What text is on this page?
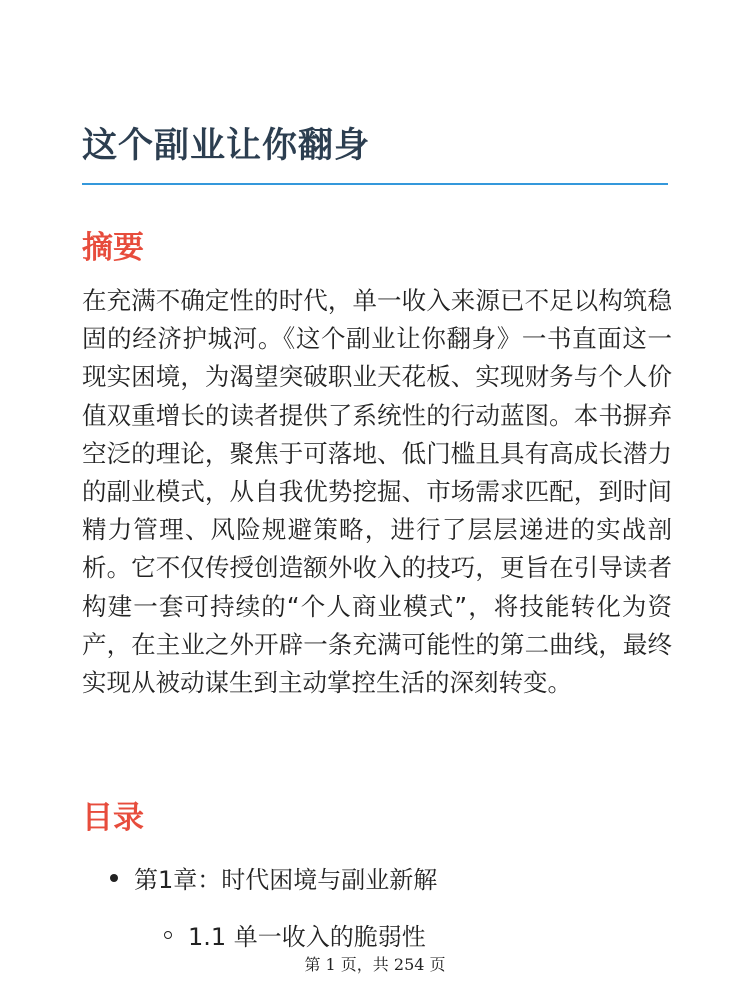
这个副业让你翻身
摘要

在充满不确定性的时代，单一收入来源已不足以构筑稳固的经济护城河。《这个副业让你翻身》一书直面这一现实困境，为渴望突破职业天花板、实现财务与个人价值双重增长的读者提供了系统性的行动蓝图。本书摒弃空泛的理论，聚焦于可落地、低门槛且具有高成长潜力的副业模式，从自我优势挖掘、市场需求匹配，到时间精力管理、风险规避策略，进行了层层递进的实战剖析。它不仅传授创造额外收入的技巧，更旨在引导读者构建一套可持续的“个人商业模式”，将技能转化为资产，在主业之外开辟一条充满可能性的第二曲线，最终实现从被动谋生到主动掌控生活的深刻转变。

目录
第1章：时代困境与副业新解
1.1 单一收入的脆弱性
第 1 页，共 254 页
